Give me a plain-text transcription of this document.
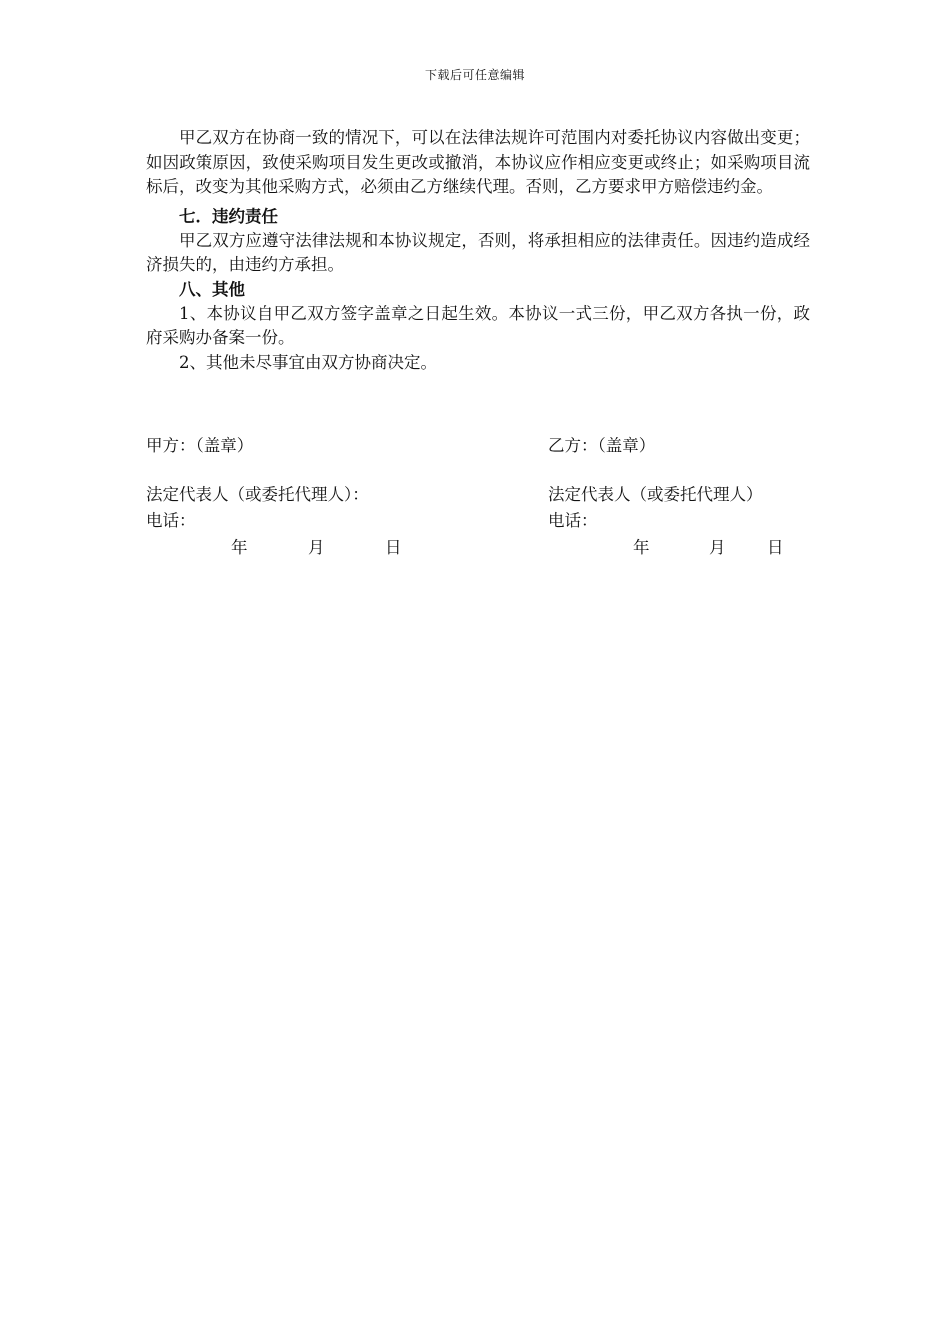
下载后可任意编辑

甲乙双方在协商一致的情况下，可以在法律法规许可范围内对委托协议内容做出变更；如因政策原因，致使采购项目发生更改或撤消，本协议应作相应变更或终止；如采购项目流标后，改变为其他采购方式，必须由乙方继续代理。否则，乙方要求甲方赔偿违约金。

七．违约责任

甲乙双方应遵守法律法规和本协议规定，否则，将承担相应的法律责任。因违约造成经济损失的，由违约方承担。

八、其他

1、本协议自甲乙双方签字盖章之日起生效。本协议一式三份，甲乙双方各执一份，政府采购办备案一份。

2、其他未尽事宜由双方协商决定。

甲方：（盖章）
法定代表人（或委托代理人）：
电话：
年	月	日
乙方：（盖章）
法定代表人（或委托代理人）
电话：
年	月	日
